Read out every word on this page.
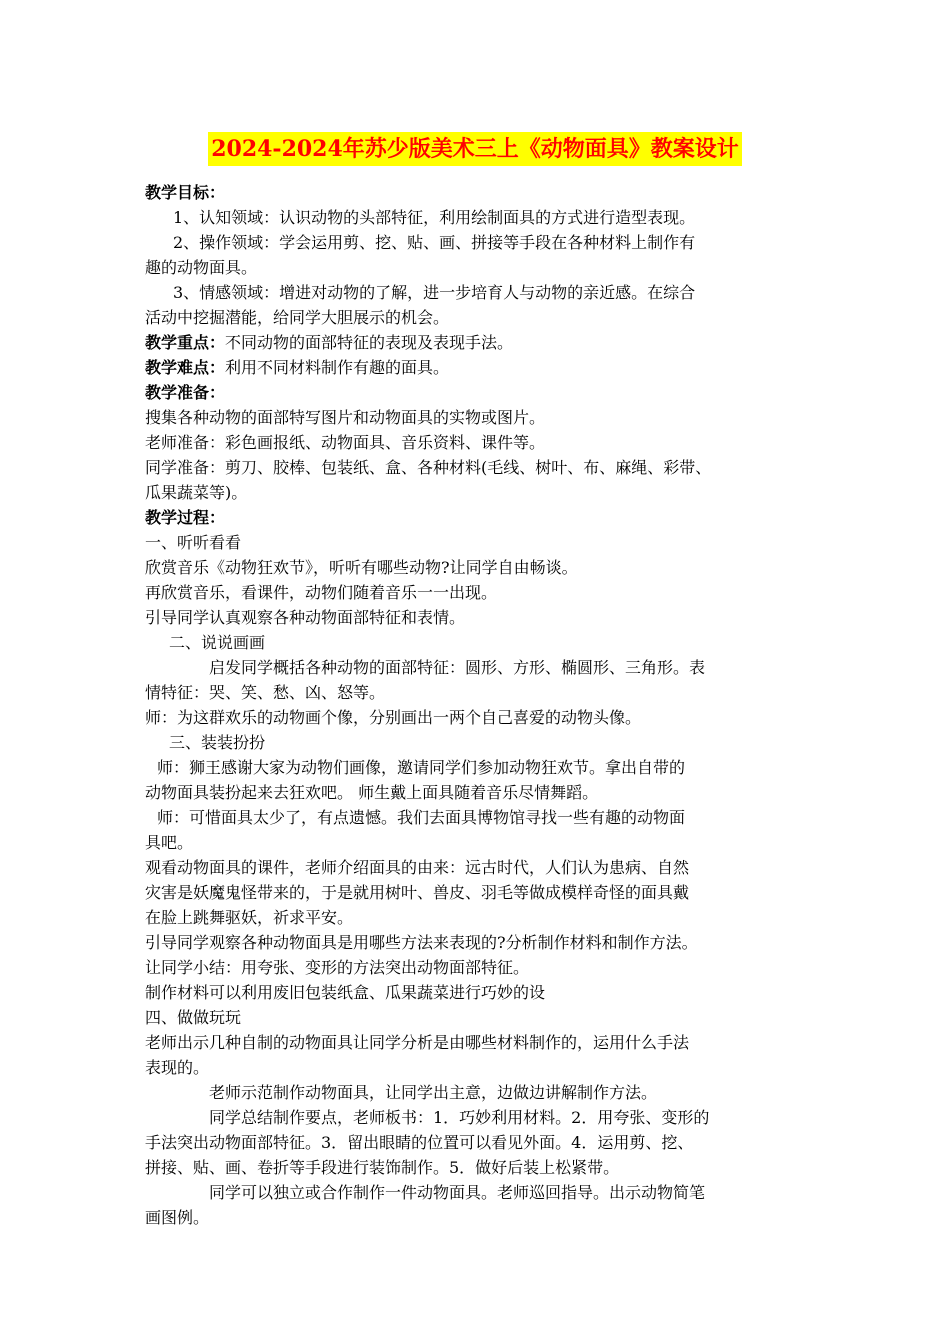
2024-2024年苏少版美术三上《动物面具》教案设计
教学目标：
1、认知领域：认识动物的头部特征，利用绘制面具的方式进行造型表现。
2、操作领域：学会运用剪、挖、贴、画、拼接等手段在各种材料上制作有
趣的动物面具。
3、情感领域：增进对动物的了解，进一步培育人与动物的亲近感。在综合
活动中挖掘潜能，给同学大胆展示的机会。
教学重点：不同动物的面部特征的表现及表现手法。
教学难点：利用不同材料制作有趣的面具。
教学准备：
搜集各种动物的面部特写图片和动物面具的实物或图片。
老师准备：彩色画报纸、动物面具、音乐资料、课件等。
同学准备：剪刀、胶棒、包装纸、盒、各种材料(毛线、树叶、布、麻绳、彩带、
瓜果蔬菜等)。
教学过程：
一、听听看看
欣赏音乐《动物狂欢节》，听听有哪些动物?让同学自由畅谈。
再欣赏音乐，看课件，动物们随着音乐一一出现。
引导同学认真观察各种动物面部特征和表情。
二、说说画画
启发同学概括各种动物的面部特征：圆形、方形、椭圆形、三角形。表
情特征：哭、笑、愁、凶、怒等。
师：为这群欢乐的动物画个像，分别画出一两个自己喜爱的动物头像。
三、装装扮扮
师：狮王感谢大家为动物们画像，邀请同学们参加动物狂欢节。拿出自带的
动物面具装扮起来去狂欢吧。 师生戴上面具随着音乐尽情舞蹈。
师：可惜面具太少了，有点遗憾。我们去面具博物馆寻找一些有趣的动物面
具吧。
观看动物面具的课件，老师介绍面具的由来：远古时代，人们认为患病、自然
灾害是妖魔鬼怪带来的，于是就用树叶、兽皮、羽毛等做成模样奇怪的面具戴
在脸上跳舞驱妖，祈求平安。
引导同学观察各种动物面具是用哪些方法来表现的?分析制作材料和制作方法。
让同学小结：用夸张、变形的方法突出动物面部特征。
制作材料可以利用废旧包装纸盒、瓜果蔬菜进行巧妙的设
四、做做玩玩
老师出示几种自制的动物面具让同学分析是由哪些材料制作的，运用什么手法
表现的。
老师示范制作动物面具，让同学出主意，边做边讲解制作方法。
同学总结制作要点，老师板书：1．巧妙利用材料。2．用夸张、变形的
手法突出动物面部特征。3．留出眼睛的位置可以看见外面。4．运用剪、挖、
拼接、贴、画、卷折等手段进行装饰制作。5．做好后装上松紧带。
同学可以独立或合作制作一件动物面具。老师巡回指导。出示动物简笔
画图例。
